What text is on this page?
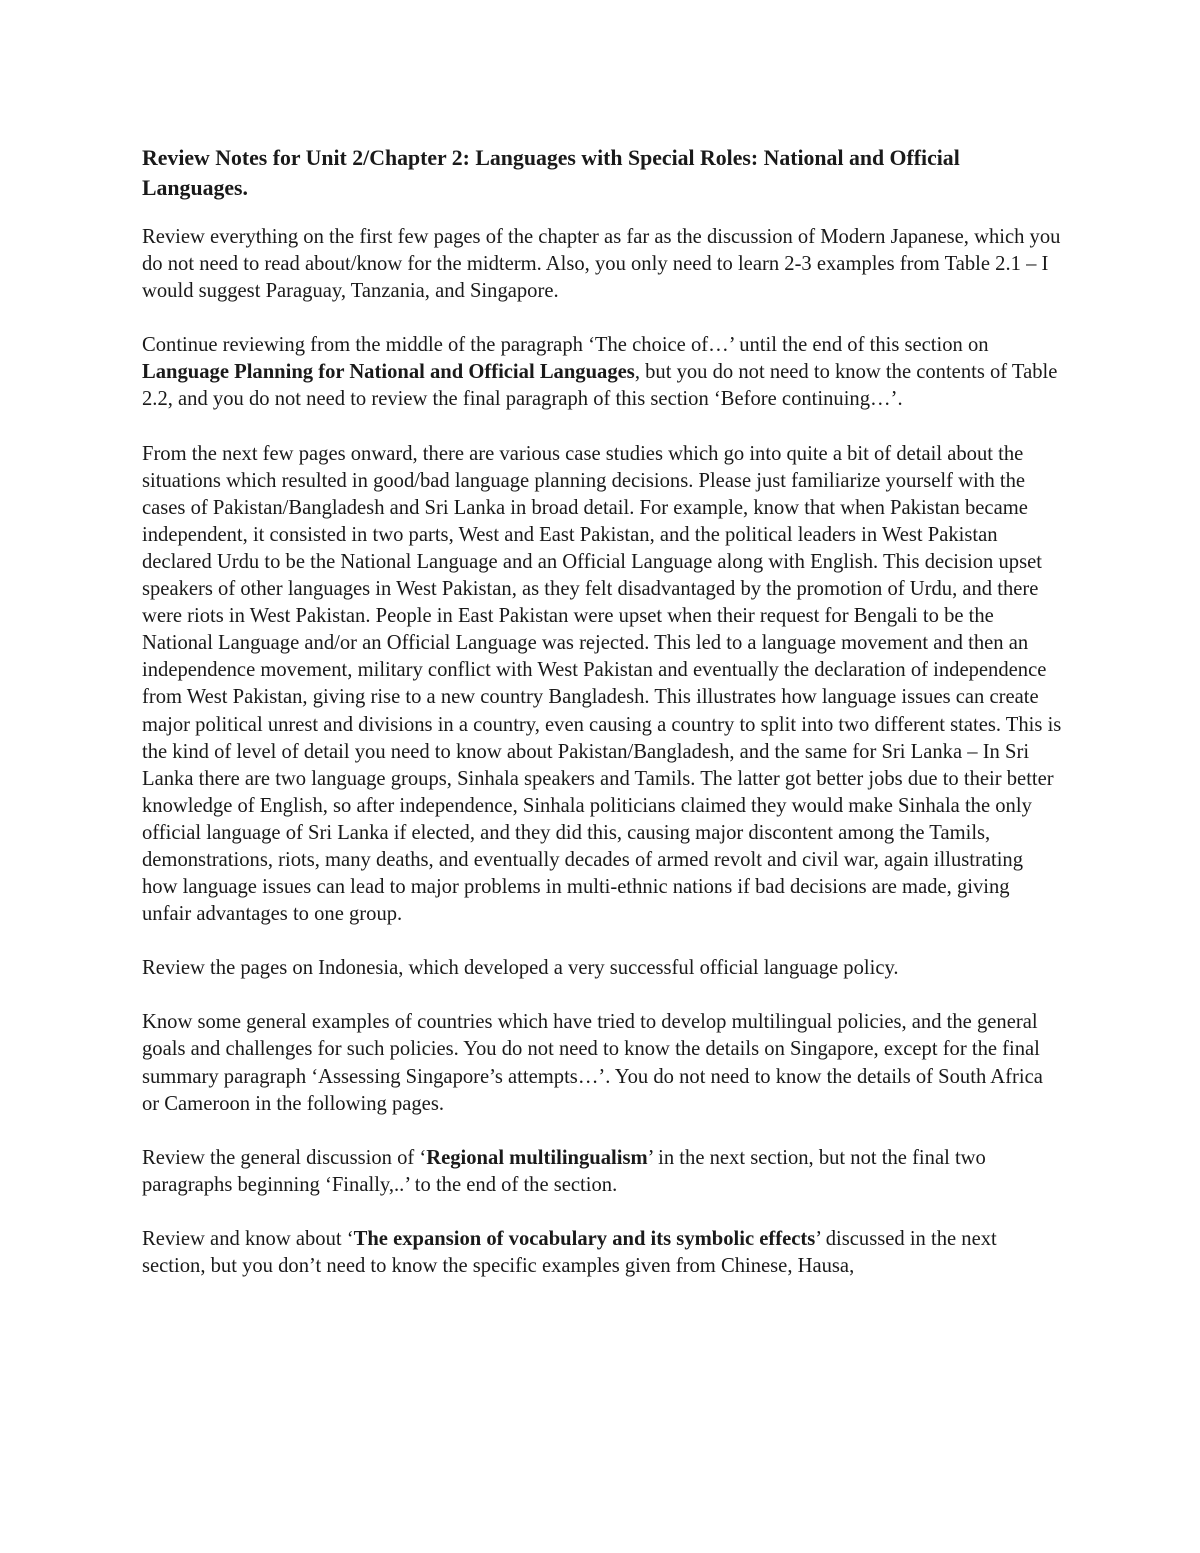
Review Notes for Unit 2/Chapter 2: Languages with Special Roles: National and Official Languages.

Review everything on the first few pages of the chapter as far as the discussion of Modern Japanese, which you do not need to read about/know for the midterm. Also, you only need to learn 2-3 examples from Table 2.1 – I would suggest Paraguay, Tanzania, and Singapore.

Continue reviewing from the middle of the paragraph ‘The choice of…’ until the end of this section on Language Planning for National and Official Languages, but you do not need to know the contents of Table 2.2, and you do not need to review the final paragraph of this section ‘Before continuing…’.

From the next few pages onward, there are various case studies which go into quite a bit of detail about the situations which resulted in good/bad language planning decisions. Please just familiarize yourself with the cases of Pakistan/Bangladesh and Sri Lanka in broad detail. For example, know that when Pakistan became independent, it consisted in two parts, West and East Pakistan, and the political leaders in West Pakistan declared Urdu to be the National Language and an Official Language along with English. This decision upset speakers of other languages in West Pakistan, as they felt disadvantaged by the promotion of Urdu, and there were riots in West Pakistan. People in East Pakistan were upset when their request for Bengali to be the National Language and/or an Official Language was rejected. This led to a language movement and then an independence movement, military conflict with West Pakistan and eventually the declaration of independence from West Pakistan, giving rise to a new country Bangladesh. This illustrates how language issues can create major political unrest and divisions in a country, even causing a country to split into two different states. This is the kind of level of detail you need to know about Pakistan/Bangladesh, and the same for Sri Lanka – In Sri Lanka there are two language groups, Sinhala speakers and Tamils. The latter got better jobs due to their better knowledge of English, so after independence, Sinhala politicians claimed they would make Sinhala the only official language of Sri Lanka if elected, and they did this, causing major discontent among the Tamils, demonstrations, riots, many deaths, and eventually decades of armed revolt and civil war, again illustrating how language issues can lead to major problems in multi-ethnic nations if bad decisions are made, giving unfair advantages to one group.

Review the pages on Indonesia, which developed a very successful official language policy.

Know some general examples of countries which have tried to develop multilingual policies, and the general goals and challenges for such policies. You do not need to know the details on Singapore, except for the final summary paragraph ‘Assessing Singapore’s attempts…’. You do not need to know the details of South Africa or Cameroon in the following pages.

Review the general discussion of ‘Regional multilingualism’ in the next section, but not the final two paragraphs beginning ‘Finally,..’ to the end of the section.

Review and know about ‘The expansion of vocabulary and its symbolic effects’ discussed in the next section, but you don’t need to know the specific examples given from Chinese, Hausa,
